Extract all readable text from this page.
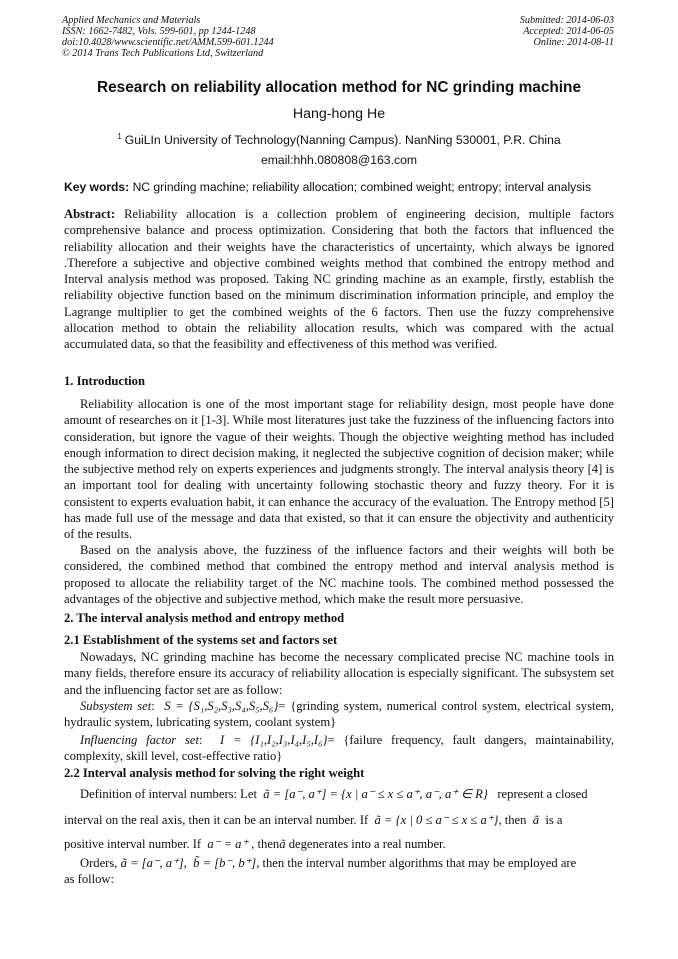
Applied Mechanics and Materials
ISSN: 1662-7482, Vols. 599-601, pp 1244-1248
doi:10.4028/www.scientific.net/AMM.599-601.1244
© 2014 Trans Tech Publications Ltd, Switzerland
Submitted: 2014-06-03
Accepted: 2014-06-05
Online: 2014-08-11
Research on reliability allocation method for NC grinding machine
Hang-hong He
$^1$ GuiLIn University of Technology(Nanning Campus). NanNing 530001, P.R. China
email:hhh.080808@163.com
Key words: NC grinding machine; reliability allocation; combined weight; entropy; interval analysis
Abstract: Reliability allocation is a collection problem of engineering decision, multiple factors comprehensive balance and process optimization. Considering that both the factors that influenced the reliability allocation and their weights have the characteristics of uncertainty, which always be ignored .Therefore a subjective and objective combined weights method that combined the entropy method and Interval analysis method was proposed. Taking NC grinding machine as an example, firstly, establish the reliability objective function based on the minimum discrimination information principle, and employ the Lagrange multiplier to get the combined weights of the 6 factors. Then use the fuzzy comprehensive allocation method to obtain the reliability allocation results, which was compared with the actual accumulated data, so that the feasibility and effectiveness of this method was verified.
1. Introduction
Reliability allocation is one of the most important stage for reliability design, most people have done amount of researches on it [1-3]. While most literatures just take the fuzziness of the influencing factors into consideration, but ignore the vague of their weights. Though the objective weighting method has included enough information to direct decision making, it neglected the subjective cognition of decision maker; while the subjective method rely on experts experiences and judgments strongly. The interval analysis theory [4] is an important tool for dealing with uncertainty following stochastic theory and fuzzy theory. For it is consistent to experts evaluation habit, it can enhance the accuracy of the evaluation. The Entropy method [5] has made full use of the message and data that existed, so that it can ensure the objectivity and authenticity of the results.
Based on the analysis above, the fuzziness of the influence factors and their weights will both be considered, the combined method that combined the entropy method and interval analysis method is proposed to allocate the reliability target of the NC machine tools. The combined method possessed the advantages of the objective and subjective method, which make the result more persuasive.
2. The interval analysis method and entropy method
2.1 Establishment of the systems set and factors set
Nowadays, NC grinding machine has become the necessary complicated precise NC machine tools in many fields, therefore ensure its accuracy of reliability allocation is especially significant. The subsystem set and the influencing factor set are as follow:
Subsystem set:  S = {S₁,S₂,S₃,S₄,S₅,S₆}= {grinding system, numerical control system, electrical system, hydraulic system, lubricating system, coolant system}
Influencing factor set:  I = {I₁,I₂,I₃,I₄,I₅,I₆}= {failure frequency, fault dangers, maintainability, complexity, skill level, cost-effective ratio}
2.2 Interval analysis method for solving the right weight
Definition of interval numbers: Let ã = [a⁻, a⁺] = {x | a⁻ ≤ x ≤ a⁺, a⁻, a⁺ ∈ R} represent a closed
interval on the real axis, then it can be an interval number. If ã = {x | 0 ≤ a⁻ ≤ x ≤ a⁺}, then ã is a
positive interval number. If a⁻ = a⁺ , thenã degenerates into a real number.
Orders, ã = [a⁻, a⁺], b̃ = [b⁻, b⁺], then the interval number algorithms that may be employed are
as follow:
